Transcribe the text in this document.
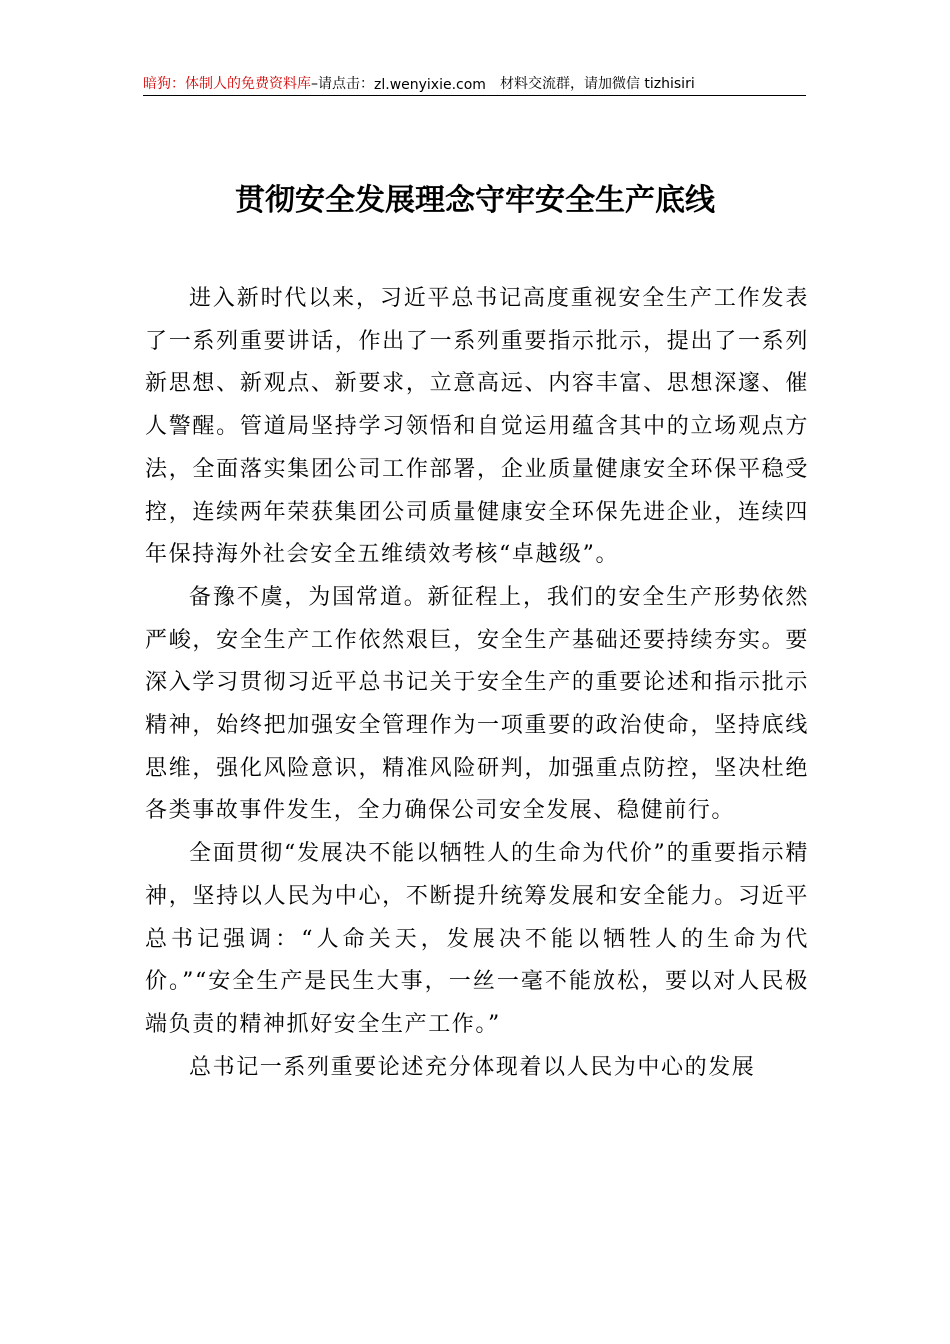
暗狗：体制人的免费资料库 –请点击： zl.wenyixie.com 材料交流群，请加微信 tizhisiri
贯彻安全发展理念守牢安全生产底线

进入新时代以来，习近平总书记高度重视安全生产工作发表了一系列重要讲话，作出了一系列重要指示批示，提出了一系列新思想、新观点、新要求，立意高远、内容丰富、思想深邃、催人警醒。管道局坚持学习领悟和自觉运用蕴含其中的立场观点方法，全面落实集团公司工作部署，企业质量健康安全环保平稳受控，连续两年荣获集团公司质量健康安全环保先进企业，连续四年保持海外社会安全五维绩效考核“卓越级”。

备豫不虞，为国常道。新征程上，我们的安全生产形势依然严峻，安全生产工作依然艰巨，安全生产基础还要持续夯实。要深入学习贯彻习近平总书记关于安全生产的重要论述和指示批示精神，始终把加强安全管理作为一项重要的政治使命，坚持底线思维，强化风险意识，精准风险研判，加强重点防控，坚决杜绝各类事故事件发生，全力确保公司安全发展、稳健前行。

全面贯彻“发展决不能以牺牲人的生命为代价”的重要指示精神，坚持以人民为中心，不断提升统筹发展和安全能力。习近平总书记强调：“人命关天，发展决不能以牺牲人的生命为代价。”“安全生产是民生大事，一丝一毫不能放松，要以对人民极端负责的精神抓好安全生产工作。”

总书记一系列重要论述充分体现着以人民为中心的发展
